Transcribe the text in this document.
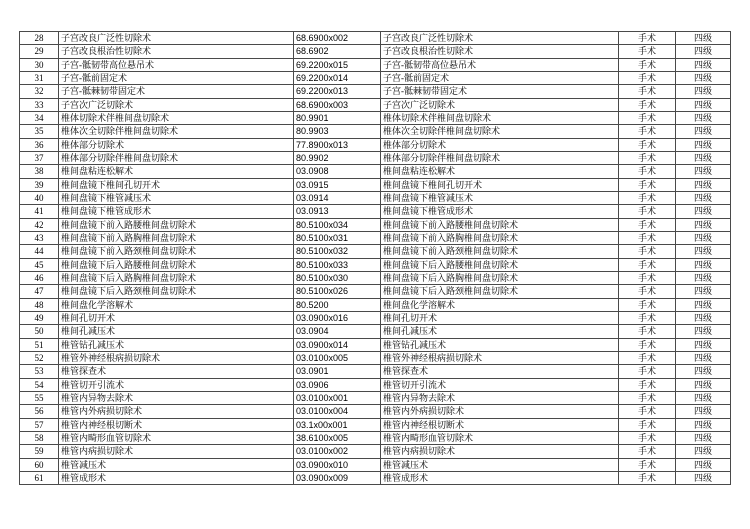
28	子宫改良广泛性切除术	68.6900x002	子宫改良广泛性切除术	手术	四级
29	子宫改良根治性切除术	68.6902	子宫改良根治性切除术	手术	四级
30	子宫-骶韧带高位悬吊术	69.2200x015	子宫-骶韧带高位悬吊术	手术	四级
31	子宫-骶前固定术	69.2200x014	子宫-骶前固定术	手术	四级
32	子宫-骶棘韧带固定术	69.2200x013	子宫-骶棘韧带固定术	手术	四级
33	子宫次广泛切除术	68.6900x003	子宫次广泛切除术	手术	四级
34	椎体切除术伴椎间盘切除术	80.9901	椎体切除术伴椎间盘切除术	手术	四级
35	椎体次全切除伴椎间盘切除术	80.9903	椎体次全切除伴椎间盘切除术	手术	四级
36	椎体部分切除术	77.8900x013	椎体部分切除术	手术	四级
37	椎体部分切除伴椎间盘切除术	80.9902	椎体部分切除伴椎间盘切除术	手术	四级
38	椎间盘粘连松解术	03.0908	椎间盘粘连松解术	手术	四级
39	椎间盘镜下椎间孔切开术	03.0915	椎间盘镜下椎间孔切开术	手术	四级
40	椎间盘镜下椎管减压术	03.0914	椎间盘镜下椎管减压术	手术	四级
41	椎间盘镜下椎管成形术	03.0913	椎间盘镜下椎管成形术	手术	四级
42	椎间盘镜下前入路腰椎间盘切除术	80.5100x034	椎间盘镜下前入路腰椎间盘切除术	手术	四级
43	椎间盘镜下前入路胸椎间盘切除术	80.5100x031	椎间盘镜下前入路胸椎间盘切除术	手术	四级
44	椎间盘镜下前入路颈椎间盘切除术	80.5100x032	椎间盘镜下前入路颈椎间盘切除术	手术	四级
45	椎间盘镜下后入路腰椎间盘切除术	80.5100x033	椎间盘镜下后入路腰椎间盘切除术	手术	四级
46	椎间盘镜下后入路胸椎间盘切除术	80.5100x030	椎间盘镜下后入路胸椎间盘切除术	手术	四级
47	椎间盘镜下后入路颈椎间盘切除术	80.5100x026	椎间盘镜下后入路颈椎间盘切除术	手术	四级
48	椎间盘化学溶解术	80.5200	椎间盘化学溶解术	手术	四级
49	椎间孔切开术	03.0900x016	椎间孔切开术	手术	四级
50	椎间孔减压术	03.0904	椎间孔减压术	手术	四级
51	椎管钻孔减压术	03.0900x014	椎管钻孔减压术	手术	四级
52	椎管外神经根病损切除术	03.0100x005	椎管外神经根病损切除术	手术	四级
53	椎管探查术	03.0901	椎管探查术	手术	四级
54	椎管切开引流术	03.0906	椎管切开引流术	手术	四级
55	椎管内异物去除术	03.0100x001	椎管内异物去除术	手术	四级
56	椎管内外病损切除术	03.0100x004	椎管内外病损切除术	手术	四级
57	椎管内神经根切断术	03.1x00x001	椎管内神经根切断术	手术	四级
58	椎管内畸形血管切除术	38.6100x005	椎管内畸形血管切除术	手术	四级
59	椎管内病损切除术	03.0100x002	椎管内病损切除术	手术	四级
60	椎管减压术	03.0900x010	椎管减压术	手术	四级
61	椎管成形术	03.0900x009	椎管成形术	手术	四级
